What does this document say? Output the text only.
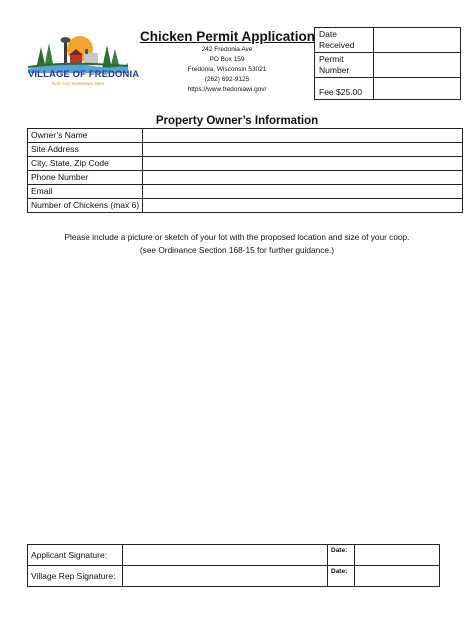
VILLAGE OF FREDONIA
Find Your Hometown Here
Chicken Permit Application
242 Fredonia Ave
PO Box 159
Fredonia, Wisconsin 53021
(262) 692-9125
https://www.fredoniawi.gov/
Date Received	
Permit Number	
Fee $25.00	
Property Owner’s Information
Owner’s Name	
Site Address	
City, State, Zip Code	
Phone Number	
Email	
Number of Chickens (max 6)	
Please include a picture or sketch of your lot with the proposed location and size of your coop.
(see Ordinance Section 168-15 for further guidance.)
Applicant Signature:		Date:	
Village Rep Signature:		Date:	
